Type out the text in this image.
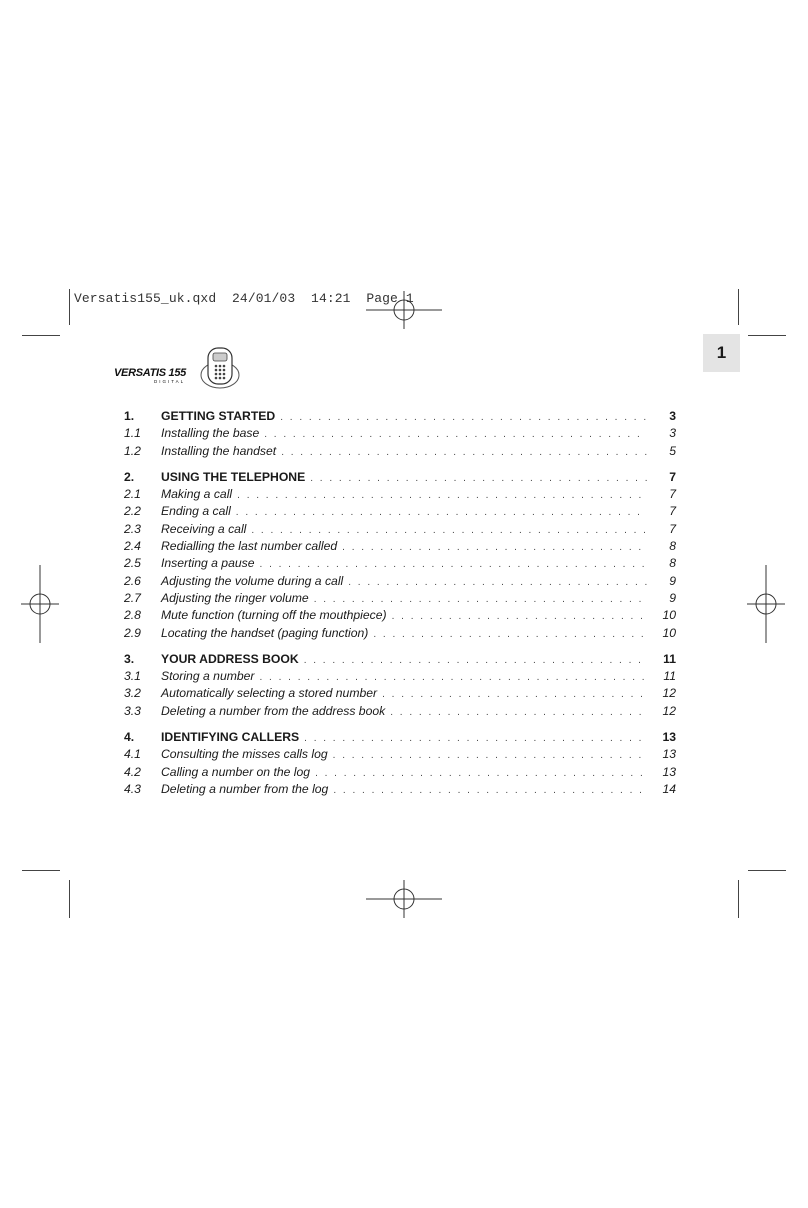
Versatis155_uk.qxd  24/01/03  14:21  Page 1
1
VERSATIS 155
DIGITAL
1.	GETTING STARTED . . .	3
1.1	Installing the base . . .	3
1.2	Installing the handset . . .	5
2.	USING THE TELEPHONE . . .	7
2.1	Making a call . . .	7
2.2	Ending a call . . .	7
2.3	Receiving a call . . .	7
2.4	Redialling the last number called . . .	8
2.5	Inserting a pause . . .	8
2.6	Adjusting the volume during a call . . .	9
2.7	Adjusting the ringer volume . . .	9
2.8	Mute function (turning off the mouthpiece) . . .	10
2.9	Locating the handset (paging function) . . .	10
3.	YOUR ADDRESS BOOK . . .	11
3.1	Storing a number . . .	11
3.2	Automatically selecting a stored number . . .	12
3.3	Deleting a number from the address book . . .	12
4.	IDENTIFYING CALLERS . . .	13
4.1	Consulting the misses calls log . . .	13
4.2	Calling a number on the log . . .	13
4.3	Deleting a number from the log . . .	14
